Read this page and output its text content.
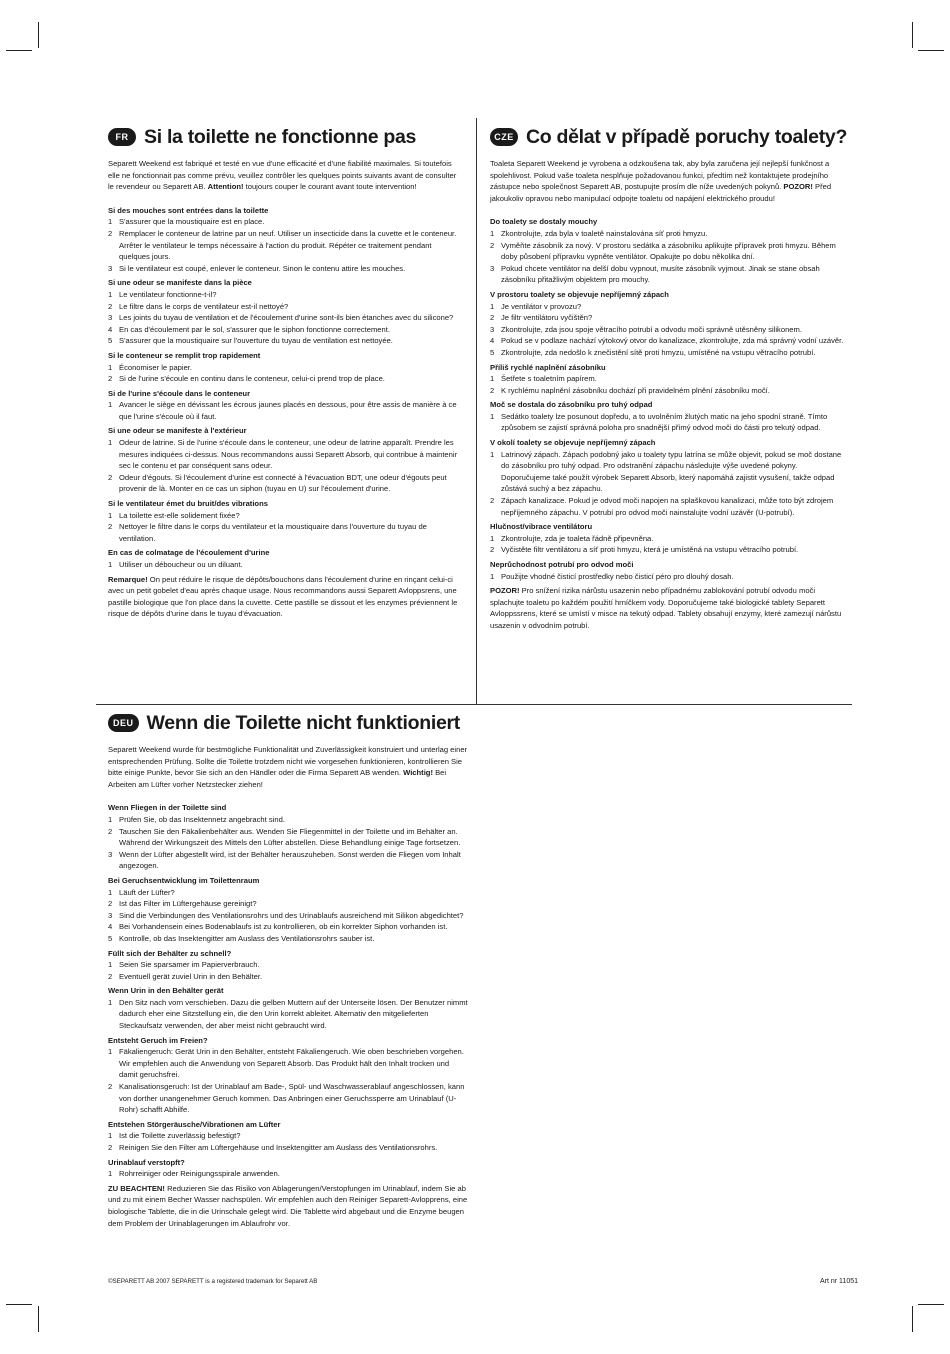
FR Si la toilette ne fonctionne pas

Separett Weekend est fabriqué et testé en vue d'une efficacité et d'une fiabilité maximales. Si toutefois elle ne fonctionnait pas comme prévu, veuillez contrôler les quelques points suivants avant de consulter le revendeur ou Separett AB. Attention! toujours couper le courant avant toute intervention!

Si des mouches sont entrées dans la toilette
1 S'assurer que la moustiquaire est en place.
2 Remplacer le conteneur de latrine par un neuf. Utiliser un insecticide dans la cuvette et le conteneur. Arrêter le ventilateur le temps nécessaire à l'action du produit. Répéter ce traitement pendant quelques jours.
3 Si le ventilateur est coupé, enlever le conteneur. Sinon le contenu attire les mouches.
Si une odeur se manifeste dans la pièce
1 Le ventilateur fonctionne-t-il?
2 Le filtre dans le corps de ventilateur est-il nettoyé?
3 Les joints du tuyau de ventilation et de l'écoulement d'urine sont-ils bien étanches avec du silicone?
4 En cas d'écoulement par le sol, s'assurer que le siphon fonctionne correctement.
5 S'assurer que la moustiquaire sur l'ouverture du tuyau de ventilation est nettoyée.
Si le conteneur se remplit trop rapidement
1 Économiser le papier.
2 Si de l'urine s'écoule en continu dans le conteneur, celui-ci prend trop de place.
Si de l'urine s'écoule dans le conteneur
1 Avancer le siège en dévissant les écrous jaunes placés en dessous, pour être assis de manière à ce que l'urine s'écoule où il faut.
Si une odeur se manifeste à l'extérieur
1 Odeur de latrine. Si de l'urine s'écoule dans le conteneur, une odeur de latrine apparaît. Prendre les mesures indiquées ci-dessus. Nous recommandons aussi Separett Absorb, qui contribue à maintenir sec le contenu et par conséquent sans odeur.
2 Odeur d'égouts. Si l'écoulement d'urine est connecté à l'évacuation BDT, une odeur d'égouts peut provenir de là. Monter en ce cas un siphon (tuyau en U) sur l'écoulement d'urine.
Si le ventilateur émet du bruit/des vibrations
1 La toilette est-elle solidement fixée?
2 Nettoyer le filtre dans le corps du ventilateur et la moustiquaire dans l'ouverture du tuyau de ventilation.
En cas de colmatage de l'écoulement d'urine
1 Utiliser un déboucheur ou un diluant.

Remarque! On peut réduire le risque de dépôts/bouchons dans l'écoulement d'urine en rinçant celui-ci avec un petit gobelet d'eau après chaque usage. Nous recommandons aussi Separett Avloppsrens, une pastille biologique que l'on place dans la cuvette. Cette pastille se dissout et les enzymes préviennent le risque de dépôts d'urine dans le tuyau d'évacuation.

CZE Co dělat v případě poruchy toalety?

Toaleta Separett Weekend je vyrobena a odzkoušena tak, aby byla zaručena její nejlepší funkčnost a spolehlivost. Pokud vaše toaleta nesplňuje požadovanou funkci, předtím než kontaktujete prodejního zástupce nebo společnost Separett AB, postupujte prosím dle níže uvedených pokynů. POZOR! Před jakoukoliv opravou nebo manipulací odpojte toaletu od napájení elektrického proudu!

Do toalety se dostaly mouchy
1 Zkontrolujte, zda byla v toaletě nainstalována síť proti hmyzu.
2 Vyměňte zásobník za nový. V prostoru sedátka a zásobníku aplikujte přípravek proti hmyzu. Během doby působení přípravku vypněte ventilátor. Opakujte po dobu několika dní.
3 Pokud chcete ventilátor na delší dobu vypnout, musíte zásobník vyjmout. Jinak se stane obsah zásobníku přitažlivým objektem pro mouchy.
V prostoru toalety se objevuje nepříjemný zápach
1 Je ventilátor v provozu?
2 Je filtr ventilátoru vyčištěn?
3 Zkontrolujte, zda jsou spoje větracího potrubí a odvodu moči správně utěsněny silikonem.
4 Pokud se v podlaze nachází výtokový otvor do kanalizace, zkontrolujte, zda má správný vodní uzávěr.
5 Zkontrolujte, zda nedošlo k znečistění sítě proti hmyzu, umístěné na vstupu větracího potrubí.
Příliš rychlé naplnění zásobníku
1 Šetřete s toaletním papírem.
2 K rychlému naplnění zásobníku dochází při pravidelném plnění zásobníku močí.
Moč se dostala do zásobníku pro tuhý odpad
1 Sedátko toalety lze posunout dopředu, a to uvolněním žlutých matic na jeho spodní straně. Tímto způsobem se zajistí správná poloha pro snadnější přímý odvod moči do části pro tekutý odpad.
V okolí toalety se objevuje nepříjemný zápach
1 Latrinový zápach. Zápach podobný jako u toalety typu latrína se může objevit, pokud se moč dostane do zásobníku pro tuhý odpad. Pro odstranění zápachu následujte výše uvedené pokyny. Doporučujeme také použít výrobek Separett Absorb, který napomáhá zajistit vysušení, takže odpad zůstává suchý a bez zápachu.
2 Zápach kanalizace. Pokud je odvod moči napojen na splaškovou kanalizaci, může toto být zdrojem nepříjemného zápachu. V potrubí pro odvod moči nainstalujte vodní uzávěr (U-potrubí).
Hlučnost/vibrace ventilátoru
1 Zkontrolujte, zda je toaleta řádně připevněna.
2 Vyčistěte filtr ventilátoru a síť proti hmyzu, která je umístěná na vstupu větracího potrubí.
Neprůchodnost potrubí pro odvod moči
1 Použijte vhodné čisticí prostředky nebo čisticí péro pro dlouhý dosah.

POZOR! Pro snížení rizika nárůstu usazenin nebo případnému zablokování potrubí odvodu moči splachujte toaletu po každém použití hrníčkem vody. Doporučujeme také biologické tablety Separett Avloppssrens, které se umístí v misce na tekutý odpad. Tablety obsahují enzymy, které zamezují nárůstu usazenin v odvodním potrubí.

DEU Wenn die Toilette nicht funktioniert

Separett Weekend wurde für bestmögliche Funktionalität und Zuverlässigkeit konstruiert und unterlag einer entsprechenden Prüfung. Sollte die Toilette trotzdem nicht wie vorgesehen funktionieren, kontrollieren Sie bitte einige Punkte, bevor Sie sich an den Händler oder die Firma Separett AB wenden. Wichtig! Bei Arbeiten am Lüfter vorher Netzstecker ziehen!

Wenn Fliegen in der Toilette sind
1 Prüfen Sie, ob das Insektennetz angebracht sind.
2 Tauschen Sie den Fäkalienbehälter aus. Wenden Sie Fliegenmittel in der Toilette und im Behälter an. Während der Wirkungszeit des Mittels den Lüfter abstellen. Diese Behandlung einige Tage fortsetzen.
3 Wenn der Lüfter abgestellt wird, ist der Behälter herauszuheben. Sonst werden die Fliegen vom Inhalt angezogen.
Bei Geruchsentwicklung im Toilettenraum
1 Läuft der Lüfter?
2 Ist das Filter im Lüftergehäuse gereinigt?
3 Sind die Verbindungen des Ventilationsrohrs und des Urinablaufs ausreichend mit Silikon abgedichtet?
4 Bei Vorhandensein eines Bodenablaufs ist zu kontrollieren, ob ein korrekter Siphon vorhanden ist.
5 Kontrolle, ob das Insektengitter am Auslass des Ventilationsrohrs sauber ist.
Füllt sich der Behälter zu schnell?
1 Seien Sie sparsamer im Papierverbrauch.
2 Eventuell gerät zuviel Urin in den Behälter.
Wenn Urin in den Behälter gerät
1 Den Sitz nach vorn verschieben. Dazu die gelben Muttern auf der Unterseite lösen. Der Benutzer nimmt dadurch eher eine Sitzstellung ein, die den Urin korrekt ableitet. Alternativ den mitgelieferten Steckaufsatz verwenden, der aber meist nicht gebraucht wird.
Entsteht Geruch im Freien?
1 Fäkaliengeruch: Gerät Urin in den Behälter, entsteht Fäkaliengeruch. Wie oben beschrieben vorgehen. Wir empfehlen auch die Anwendung von Separett Absorb. Das Produkt hält den Inhalt trocken und damit geruchsfrei.
2 Kanalisationsgeruch: Ist der Urinablauf am Bade-, Spül- und Waschwasserablauf angeschlossen, kann von dorther unangenehmer Geruch kommen. Das Anbringen einer Geruchssperre am Urinablauf (U-Rohr) schafft Abhilfe.
Entstehen Störgeräusche/Vibrationen am Lüfter
1 Ist die Toilette zuverlässig befestigt?
2 Reinigen Sie den Filter am Lüftergehäuse und Insektengitter am Auslass des Ventilationsrohrs.
Urinablauf verstopft?
1 Rohrreiniger oder Reinigungsspirale anwenden.

ZU BEACHTEN! Reduzieren Sie das Risiko von Ablagerungen/Verstopfungen im Urinablauf, indem Sie ab und zu mit einem Becher Wasser nachspülen. Wir empfehlen auch den Reiniger Separett-Avlopprens, eine biologische Tablette, die in die Urinschale gelegt wird. Die Tablette wird abgebaut und die Enzyme beugen dem Problem der Urinablagerungen im Ablaufrohr vor.

©SEPARETT AB 2007 SEPARETT is a registered trademark for Separett AB	Art nr 11051
